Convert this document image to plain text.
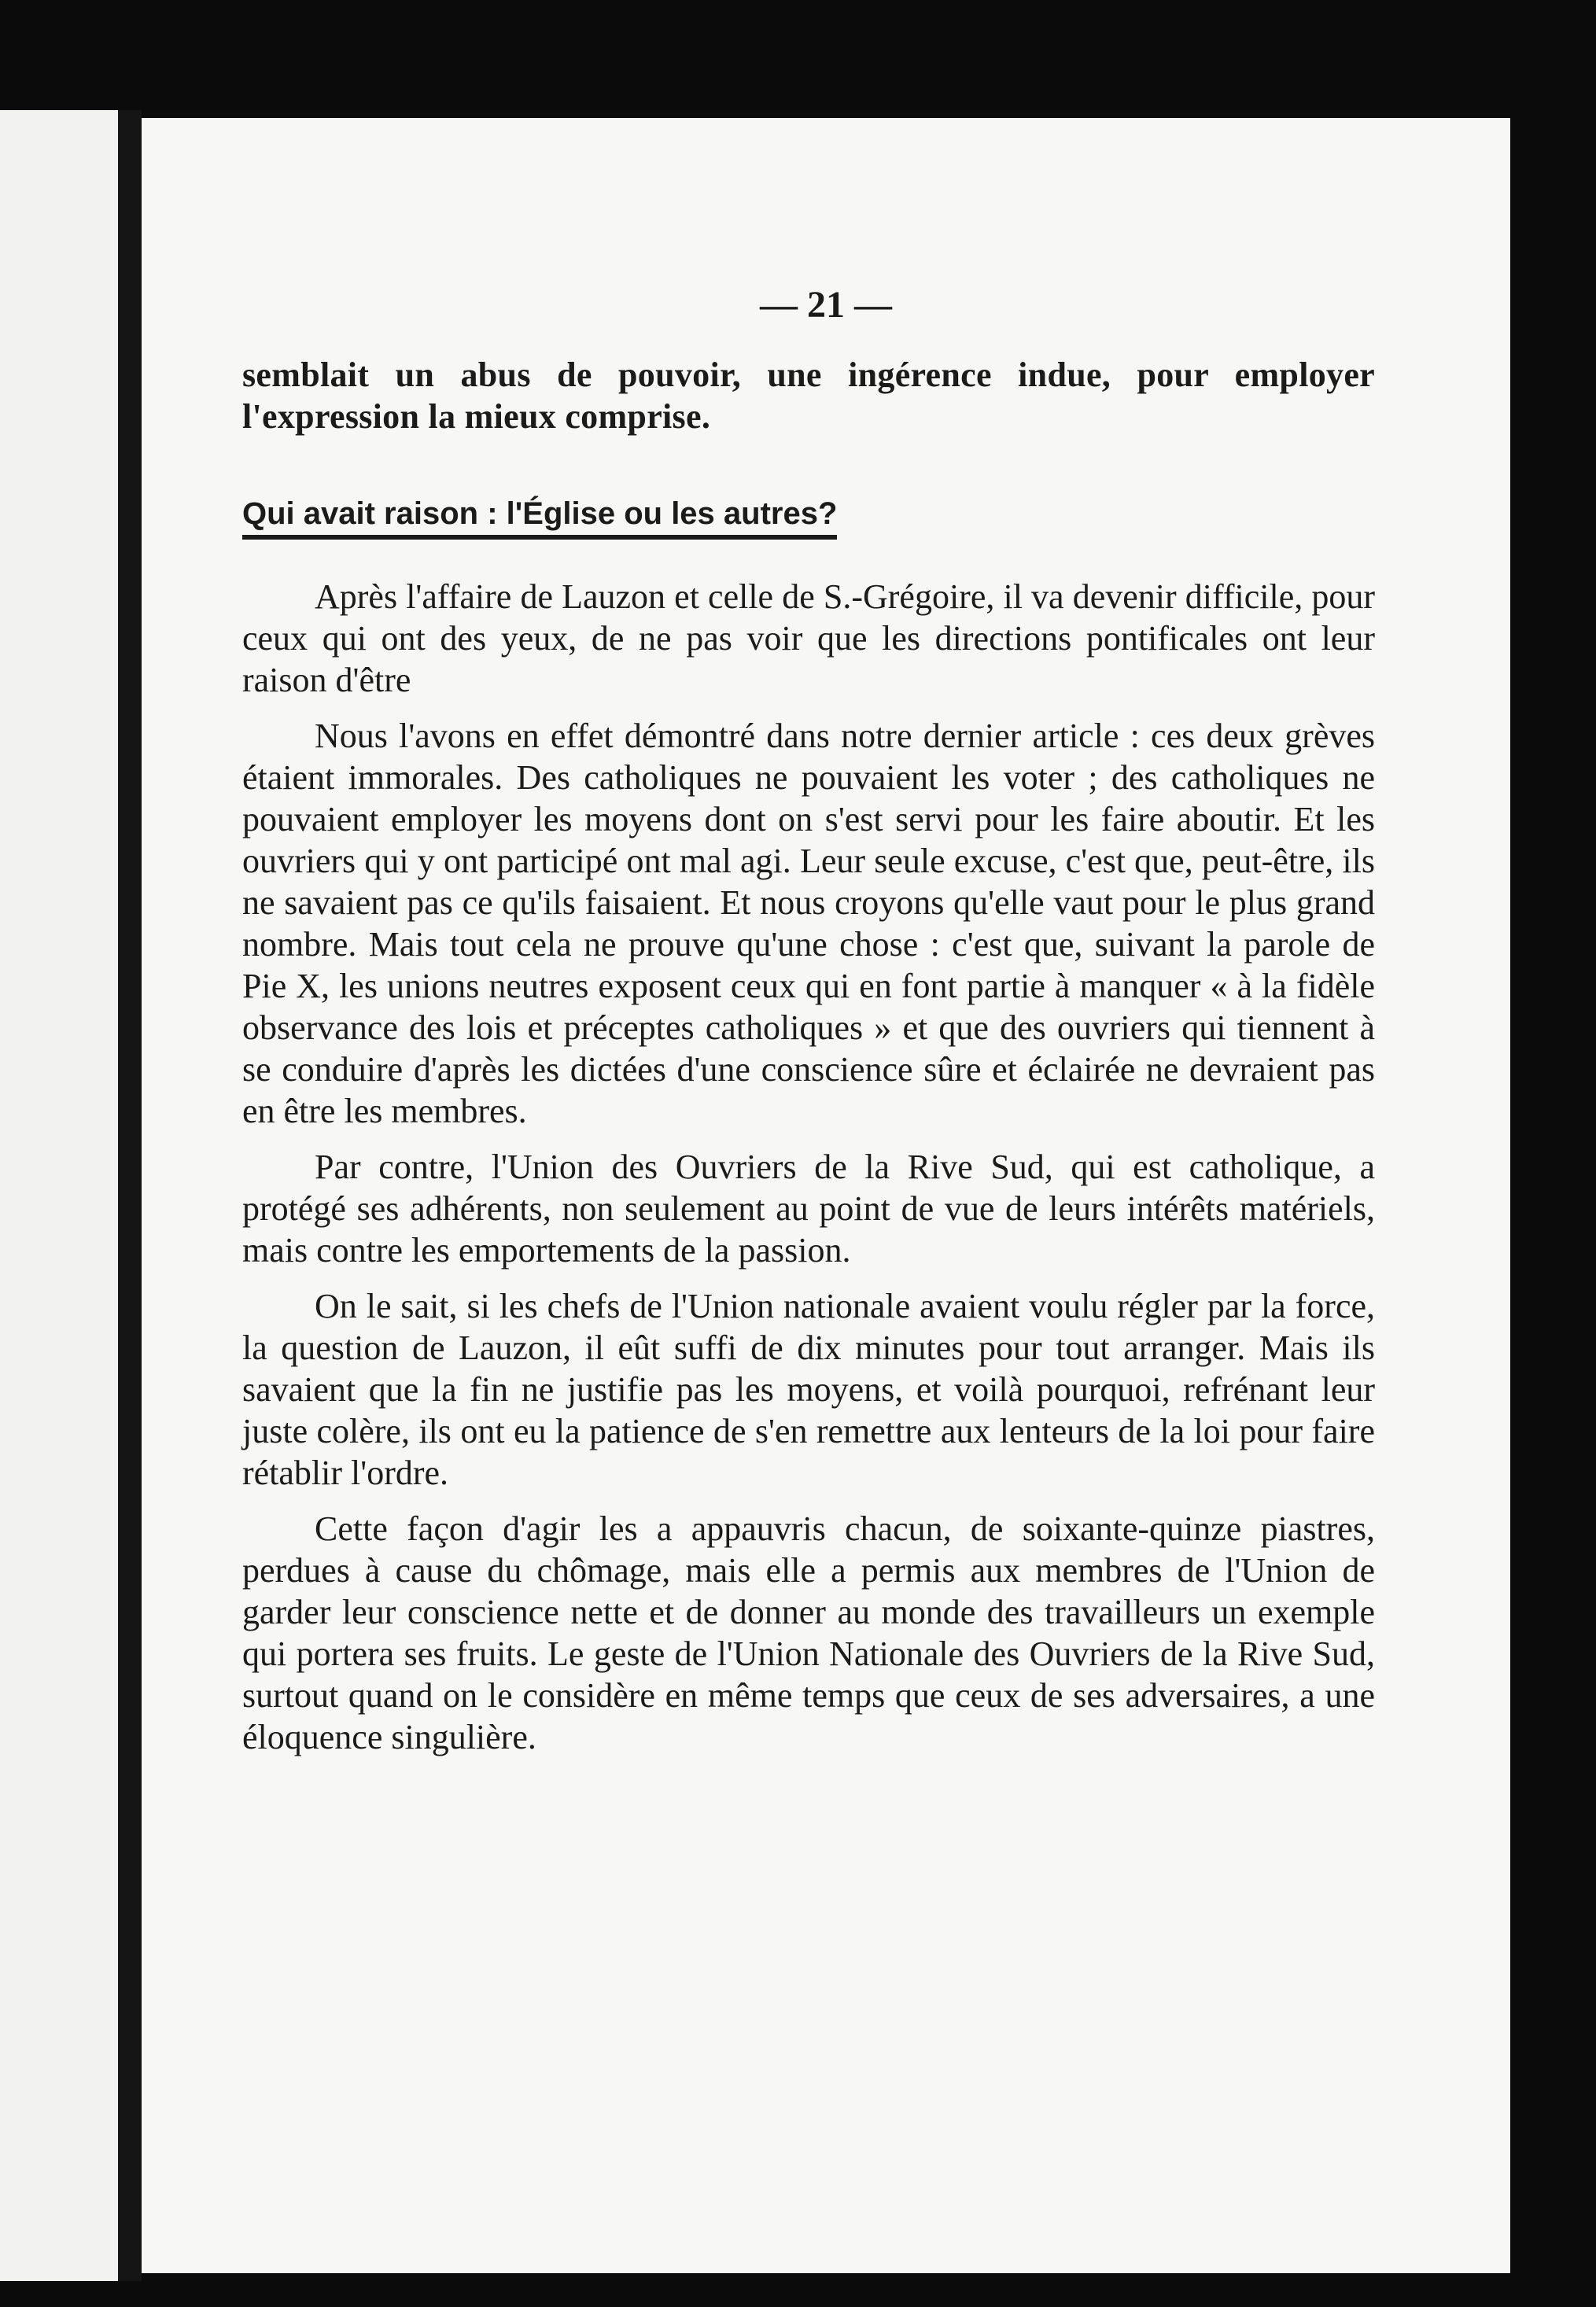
— 21 —

semblait un abus de pouvoir, une ingérence indue, pour employer l'expression la mieux comprise.

Qui avait raison : l'Église ou les autres?

Après l'affaire de Lauzon et celle de S.-Grégoire, il va devenir difficile, pour ceux qui ont des yeux, de ne pas voir que les directions pontificales ont leur raison d'être

Nous l'avons en effet démontré dans notre dernier article : ces deux grèves étaient immorales. Des catholiques ne pouvaient les voter ; des catholiques ne pouvaient employer les moyens dont on s'est servi pour les faire aboutir. Et les ouvriers qui y ont participé ont mal agi. Leur seule excuse, c'est que, peut-être, ils ne savaient pas ce qu'ils faisaient. Et nous croyons qu'elle vaut pour le plus grand nombre. Mais tout cela ne prouve qu'une chose : c'est que, suivant la parole de Pie X, les unions neutres exposent ceux qui en font partie à manquer « à la fidèle observance des lois et préceptes catholiques » et que des ouvriers qui tiennent à se conduire d'après les dictées d'une conscience sûre et éclairée ne devraient pas en être les membres.

Par contre, l'Union des Ouvriers de la Rive Sud, qui est catholique, a protégé ses adhérents, non seulement au point de vue de leurs intérêts matériels, mais contre les emportements de la passion.

On le sait, si les chefs de l'Union nationale avaient voulu régler par la force, la question de Lauzon, il eût suffi de dix minutes pour tout arranger. Mais ils savaient que la fin ne justifie pas les moyens, et voilà pourquoi, refrénant leur juste colère, ils ont eu la patience de s'en remettre aux lenteurs de la loi pour faire rétablir l'ordre.

Cette façon d'agir les a appauvris chacun, de soixante-quinze piastres, perdues à cause du chômage, mais elle a permis aux membres de l'Union de garder leur conscience nette et de donner au monde des travailleurs un exemple qui portera ses fruits. Le geste de l'Union Nationale des Ouvriers de la Rive Sud, surtout quand on le considère en même temps que ceux de ses adversaires, a une éloquence singulière.
